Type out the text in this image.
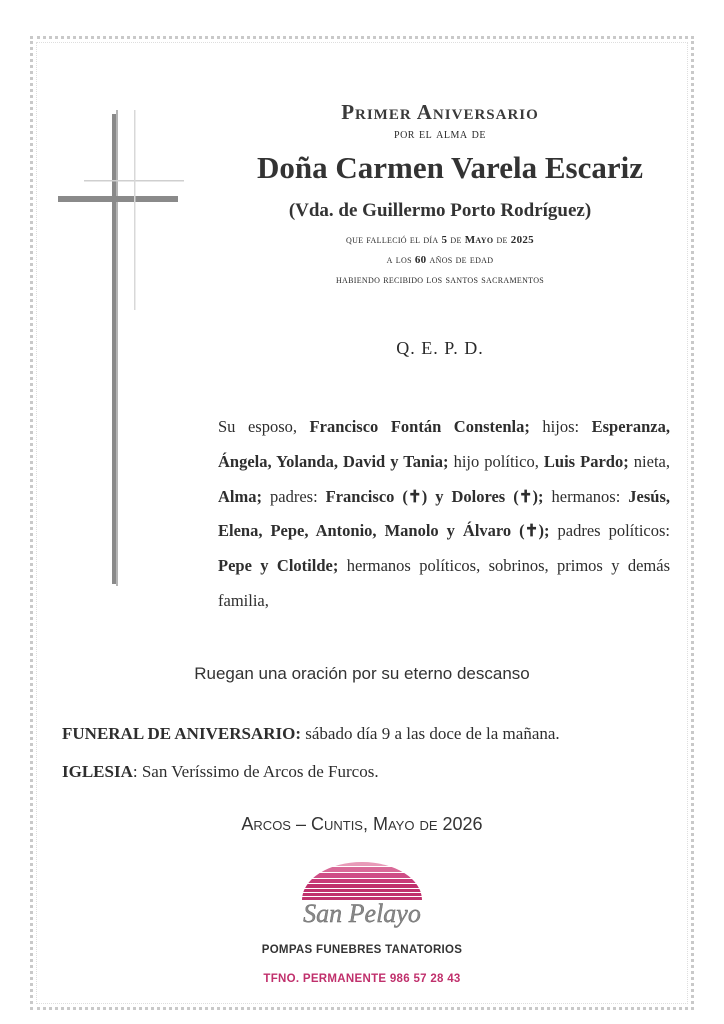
Primer Aniversario
por el alma de
Doña Carmen Varela Escariz
(Vda. de Guillermo Porto Rodríguez)
que falleció el día 5 de Mayo de 2025
a los 60 años de edad
habiendo recibido los santos sacramentos
Q. E. P. D.
Su esposo, Francisco Fontán Constenla; hijos: Esperanza, Ángela, Yolanda, David y Tania; hijo político, Luis Pardo; nieta, Alma; padres: Francisco (✝) y Dolores (✝); hermanos: Jesús, Elena, Pepe, Antonio, Manolo y Álvaro (✝); padres políticos: Pepe y Clotilde; hermanos políticos, sobrinos, primos y demás familia,
Ruegan una oración por su eterno descanso
FUNERAL DE ANIVERSARIO: sábado día 9 a las doce de la mañana.
IGLESIA: San Veríssimo de Arcos de Furcos.
Arcos – Cuntis, Mayo de 2026
San Pelayo
POMPAS FUNEBRES TANATORIOS
TFNO. PERMANENTE 986 57 28 43
